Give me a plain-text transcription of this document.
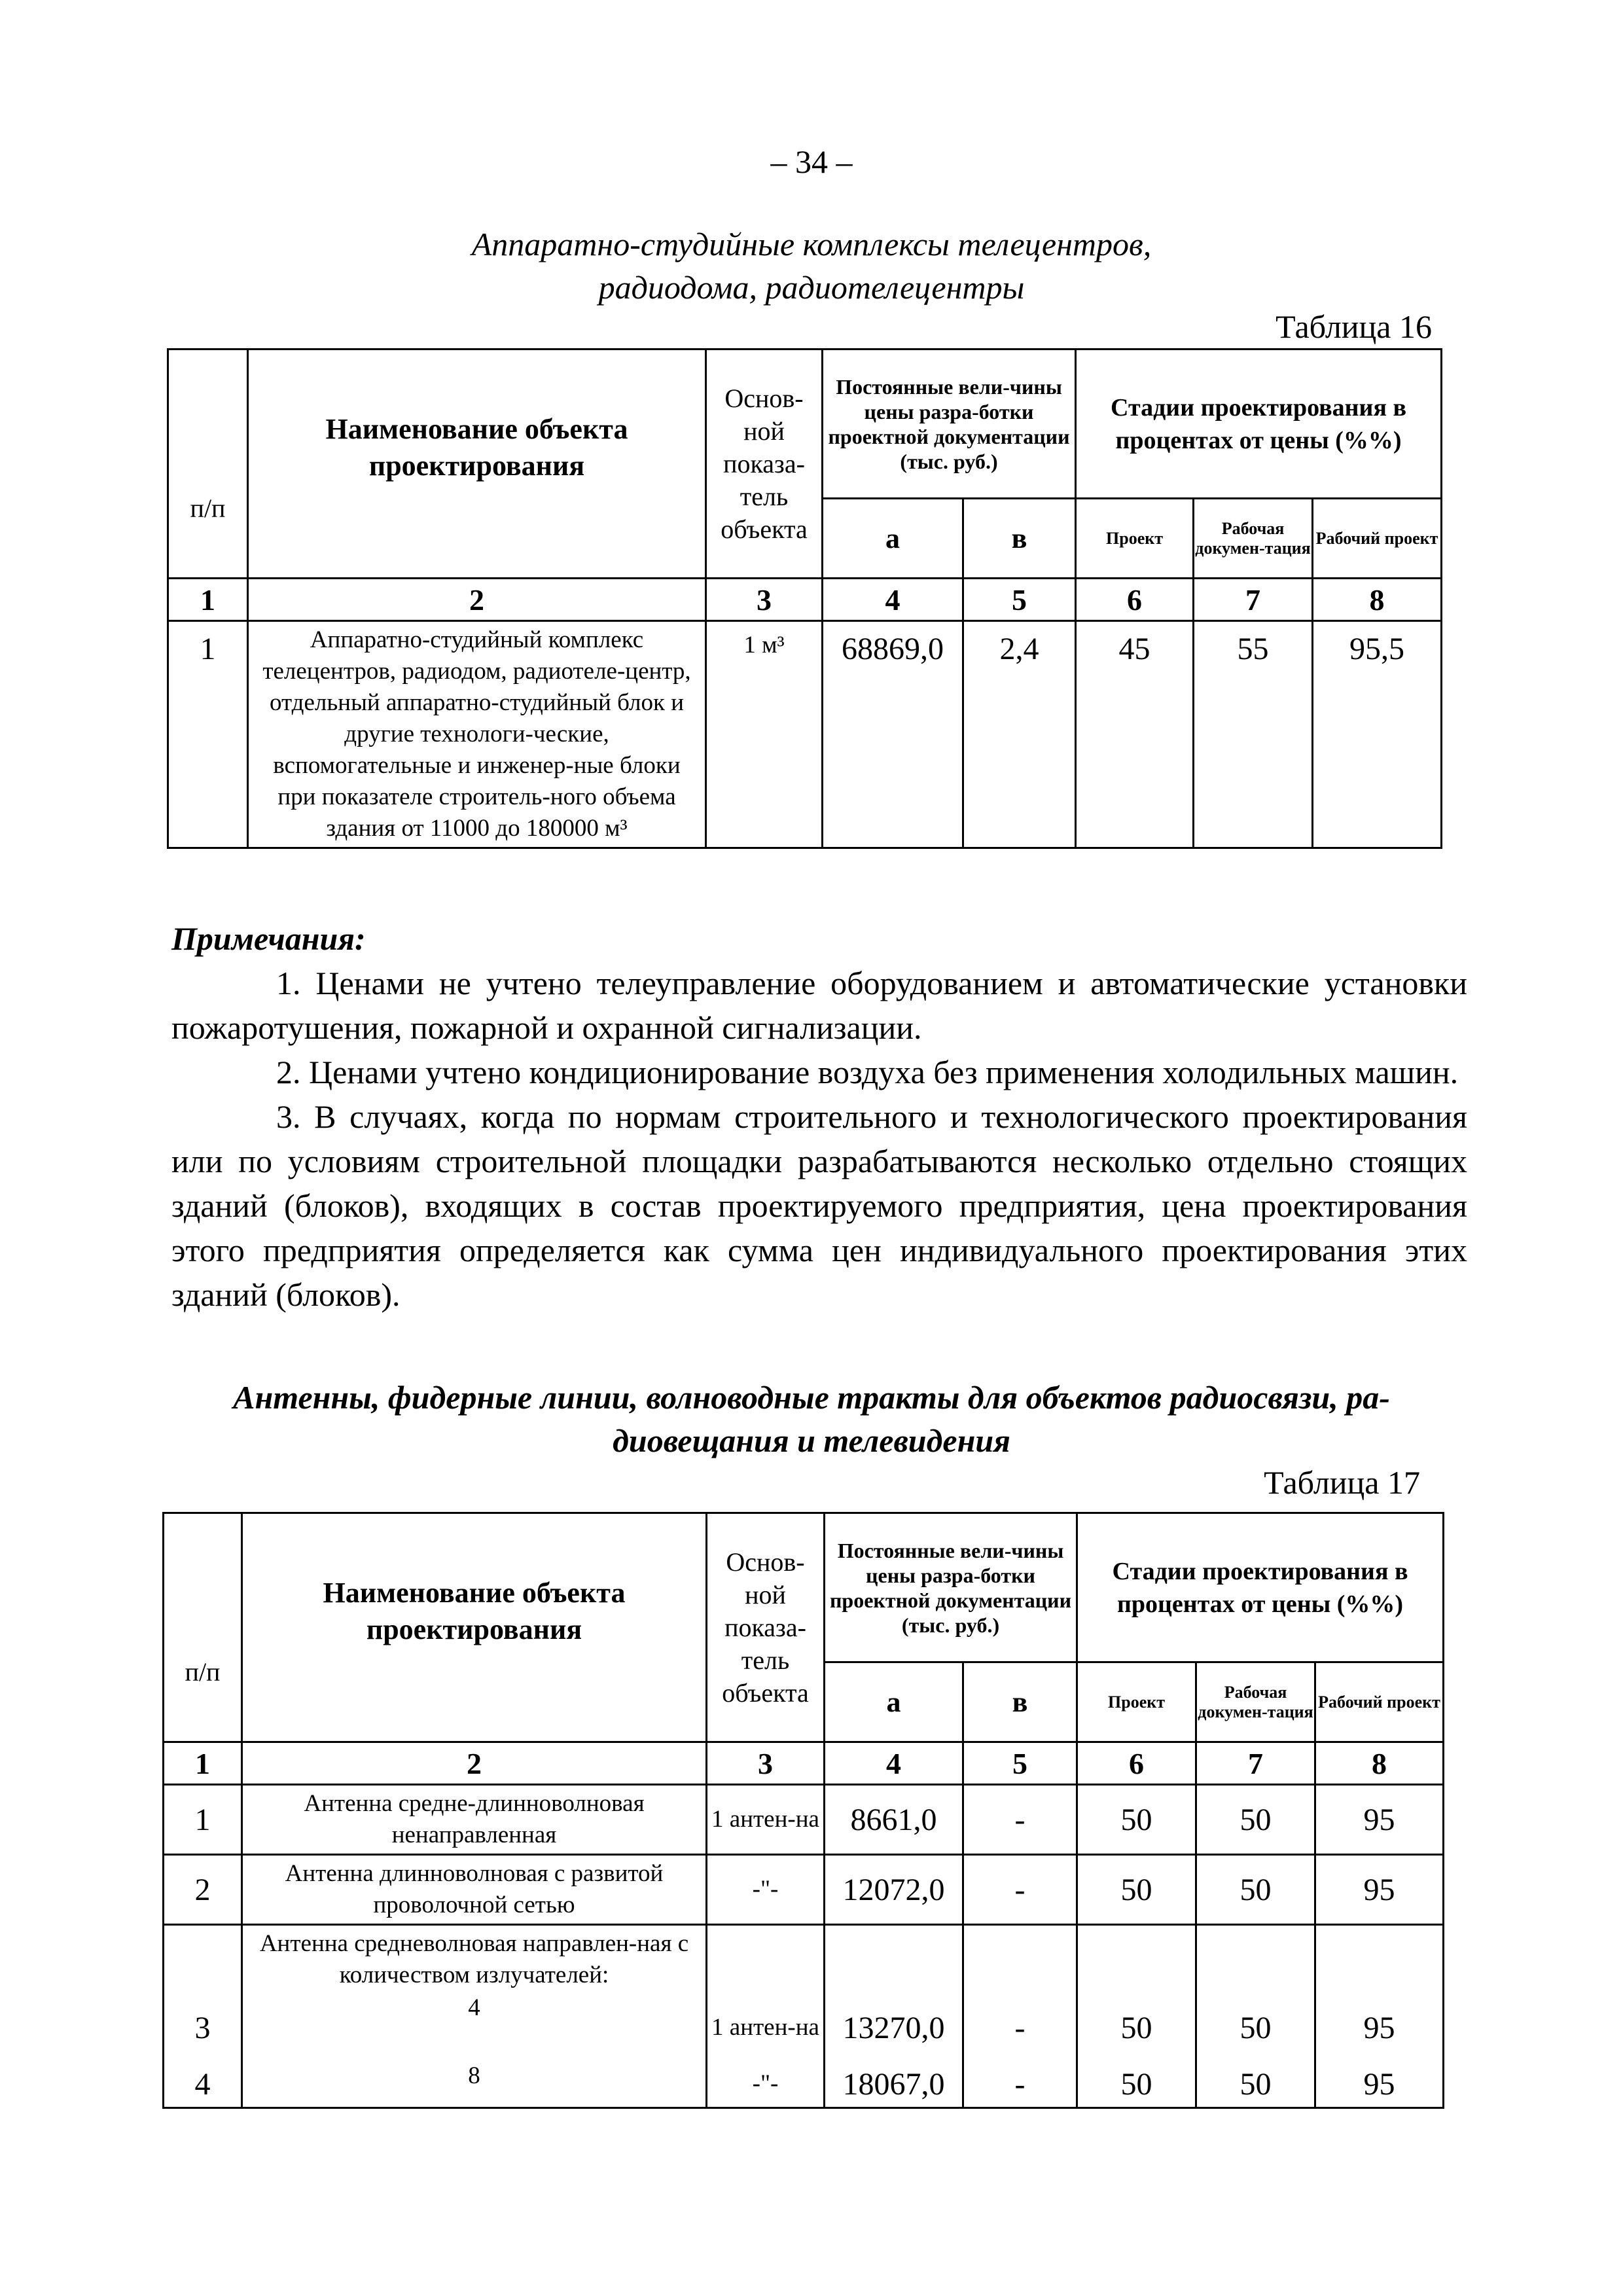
– 34 –
Аппаратно-студийные комплексы телецентров,
радиодома, радиотелецентры
Таблица 16
п/п	Наименование объекта проектирования	Основ-ной показа-тель объекта	Постоянные вели-чины цены разра-ботки проектной документации (тыс. руб.)		Стадии проектирования в процентах от цены (%%)		
			а	в	Проект	Рабочая докумен-тация	Рабочий проект
1	2	3	4	5	6	7	8
1	Аппаратно-студийный комплекс телецентров, радиодом, радиотеле-центр, отдельный аппаратно-студийный блок и другие технологи-ческие, вспомогательные и инженер-ные блоки при показателе строитель-ного объема здания от 11000 до 180000 м³	1 м³	68869,0	2,4	45	55	95,5
Примечания:

1. Ценами не учтено телеуправление оборудованием и автоматические установки пожаротушения, пожарной и охранной сигнализации.

2. Ценами учтено кондиционирование воздуха без применения холодильных машин.

3. В случаях, когда по нормам строительного и технологического проектирования или по условиям строительной площадки разрабатываются несколько отдельно стоящих зданий (блоков), входящих в состав проектируемого предприятия, цена проектирования этого предприятия определяется как сумма цен индивидуального проектирования этих зданий (блоков).

Антенны, фидерные линии, волноводные тракты для объектов радиосвязи, ра-
диовещания и телевидения
Таблица 17
п/п	Наименование объекта проектирования	Основ-ной показа-тель объекта	Постоянные вели-чины цены разра-ботки проектной документации (тыс. руб.)		Стадии проектирования в процентах от цены (%%)		
			а	в	Проект	Рабочая докумен-тация	Рабочий проект
1	2	3	4	5	6	7	8
1	Антенна средне-длинноволновая ненаправленная	1 антен-на	8661,0	-	50	50	95
2	Антенна длинноволновая с развитой проволочной сетью	-"-	12072,0	-	50	50	95
	Антенна средневолновая направлен-ная с количеством излучателей:						
3	4	1 антен-на	13270,0	-	50	50	95
4	8	-"-	18067,0	-	50	50	95
